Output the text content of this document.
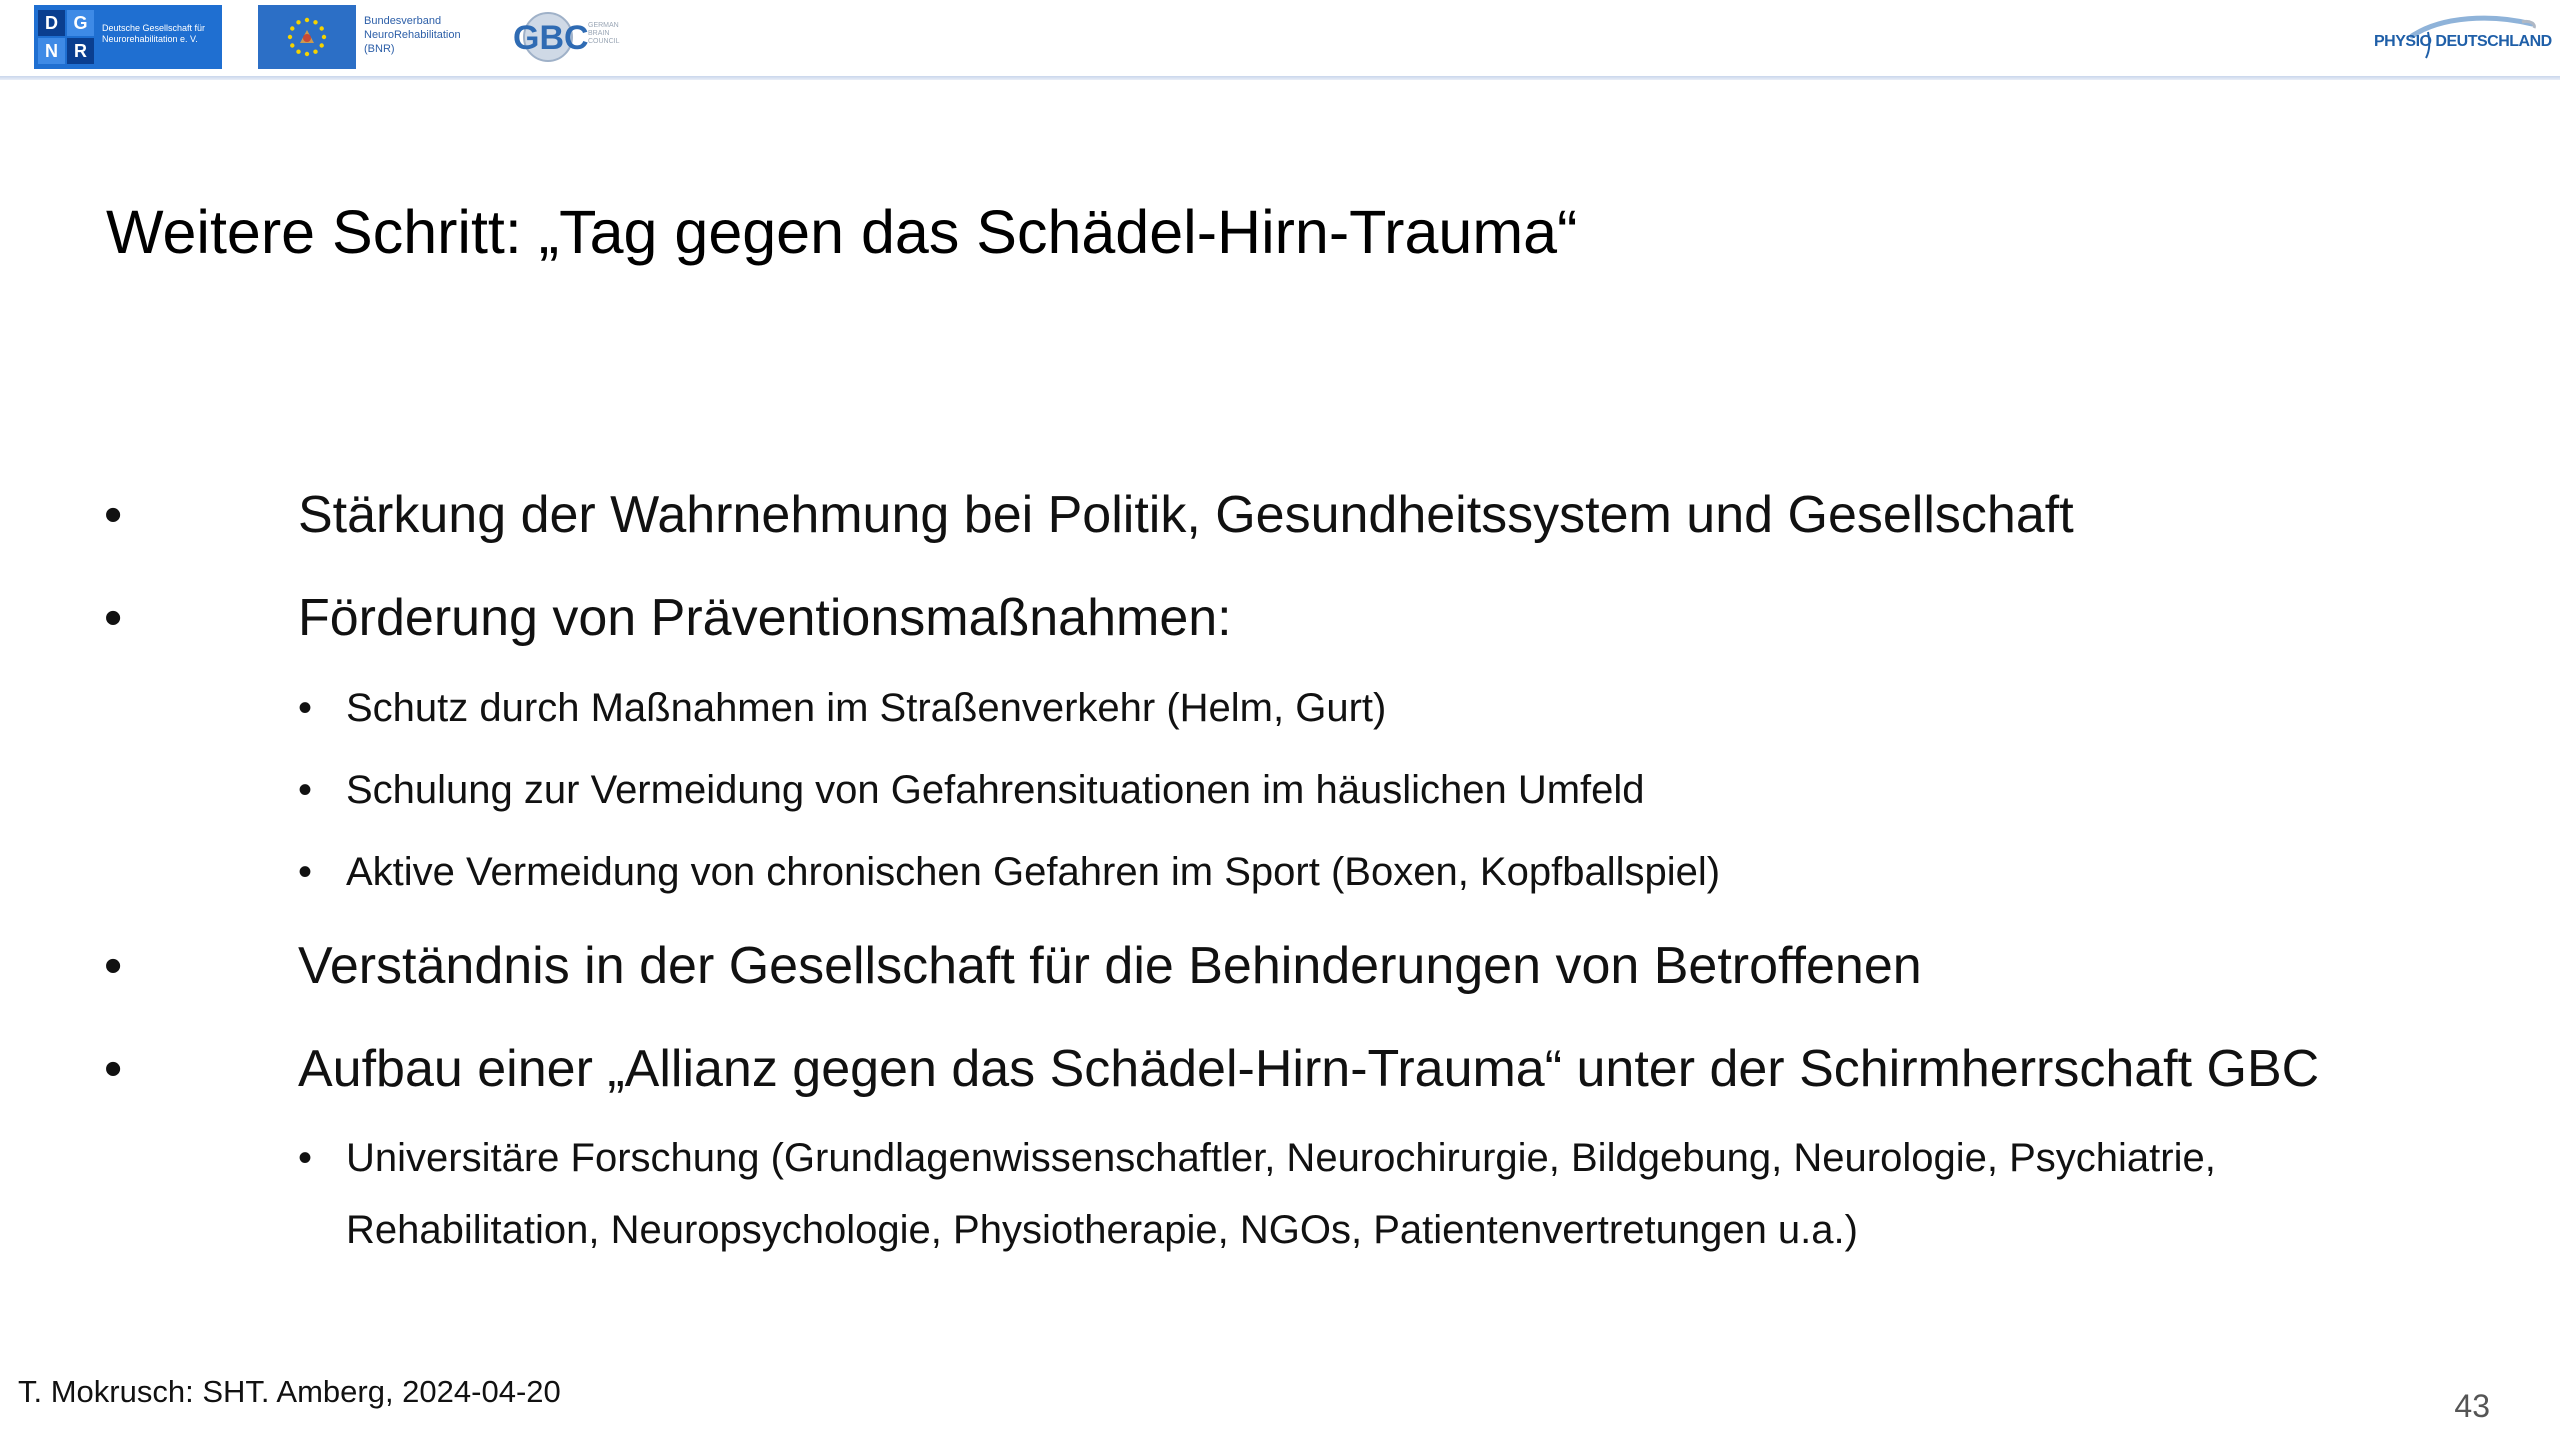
D G
N R
Deutsche Gesellschaft für Neurorehabilitation e. V.
Bundesverband
NeuroRehabilitation
(BNR)	GBC GERMAN
BRAIN
COUNCIL	PHYSIO DEUTSCHLAND
Weitere Schritt: „Tag gegen das Schädel-Hirn-Trauma“
•	Stärkung der Wahrnehmung bei Politik, Gesundheitssystem und Gesellschaft
•	Förderung von Präventionsmaßnahmen:
• Schutz durch Maßnahmen im Straßenverkehr (Helm, Gurt)
• Schulung zur Vermeidung von Gefahrensituationen im häuslichen Umfeld
• Aktive Vermeidung von chronischen Gefahren im Sport (Boxen, Kopfballspiel)
•	Verständnis in der Gesellschaft für die Behinderungen von Betroffenen
•	Aufbau einer „Allianz gegen das Schädel-Hirn-Trauma“ unter der Schirmherrschaft GBC
• Universitäre Forschung (Grundlagenwissenschaftler, Neurochirurgie, Bildgebung, Neurologie, Psychiatrie, Rehabilitation, Neuropsychologie, Physiotherapie, NGOs, Patientenvertretungen u.a.)
T. Mokrusch: SHT. Amberg, 2024-04-20	43
